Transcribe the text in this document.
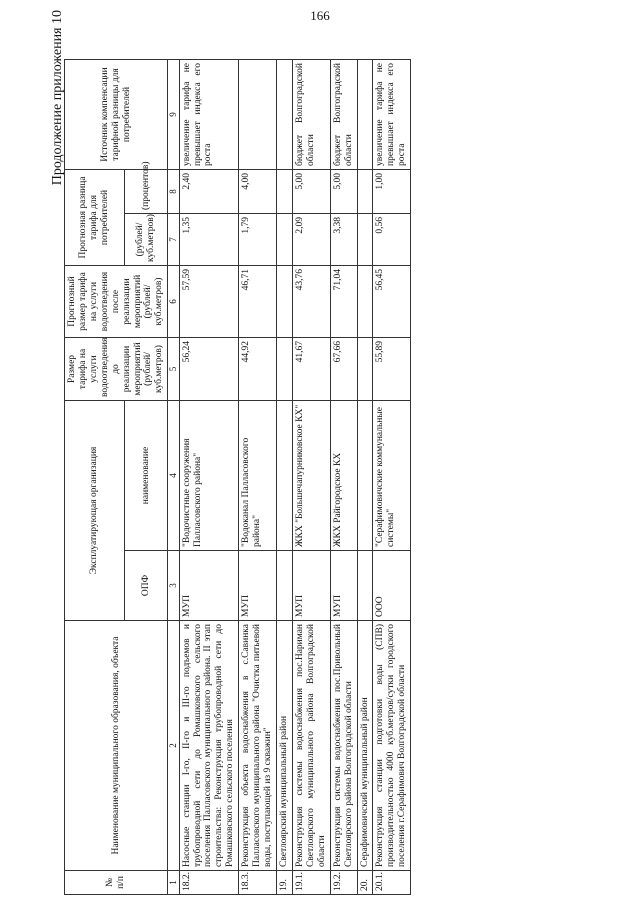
166
Продолжение приложения 10
№ п/п	Наименование муниципального образования, объекта	Эксплуатирующая организация		Размер тарифа на услуги водоотведения до реализации мероприятий (рублей/ куб.метров)	Прогнозный размер тарифа на услуги водоотведения после реализации мероприятий (рублей/ куб.метров)	Прогнозная разница тарифа для потребителей		Источник компенсации тарифной разницы для потребителей
		ОПФ	наименование			(рублей/ куб.метров)	(процентов)	
1	2	3	4	5	6	7	8	9
18.2.	Насосные станции I-го, II-го и III-го подъемов и трубопроводной сети до Ромашковского сельского поселения Палласовского муниципального района. II этап строительства: Реконструкция трубопроводной сети до Ромашковского сельского поселения	МУП	"Водочистные сооружения Палласовского района"	56,24	57,59	1,35	2,40	увеличение тарифа не превышает индекса его роста
18.3.	Реконструкция объекта водоснабжения в с.Савинка Палласовского муниципального района "Очистка питьевой воды, поступающей из 9 скважин"	МУП	"Водоканал Палласовского района"	44,92	46,71	1,79	4,00	
19.	Светлоярский муниципальный район							
19.1.	Реконструкция системы водоснабжения пос.Нариман Светлоярского муниципального района Волгоградской области	МУП	ЖКХ "Большечапурниковское КХ"	41,67	43,76	2,09	5,00	бюджет Волгоградской области
19.2.	Реконструкция системы водоснабжения пос.Привольный Светлоярского района Волгоградской области	МУП	ЖКХ Райгородское КХ	67,66	71,04	3,38	5,00	бюджет Волгоградской области
20.	Серафимовичский муниципальный район							
20.1.	Реконструкция станции подготовки воды (СПВ) производительностью 4000 куб.метров/сутки городского поселения г.Серафимович Волгоградской области	ООО	"Серафимовичские коммунальные системы"	55,89	56,45	0,56	1,00	увеличение тарифа не превышает индекса его роста
